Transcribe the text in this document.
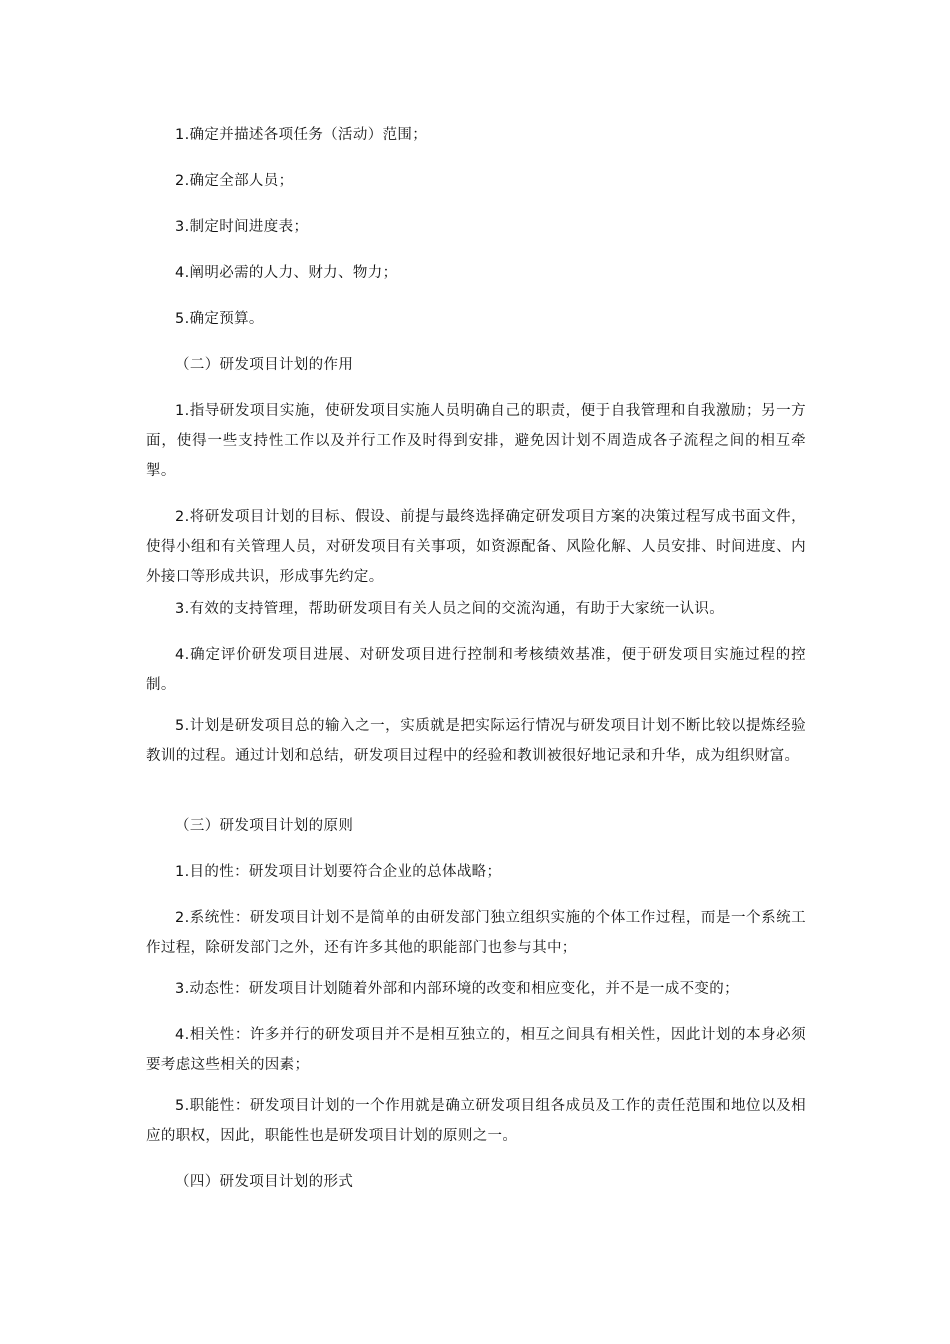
1.确定并描述各项任务（活动）范围；

2.确定全部人员；

3.制定时间进度表；

4.阐明必需的人力、财力、物力；

5.确定预算。

（二）研发项目计划的作用

1.指导研发项目实施，使研发项目实施人员明确自己的职责，便于自我管理和自我激励；另一方面，使得一些支持性工作以及并行工作及时得到安排，避免因计划不周造成各子流程之间的相互牵掣。

2.将研发项目计划的目标、假设、前提与最终选择确定研发项目方案的决策过程写成书面文件，使得小组和有关管理人员，对研发项目有关事项，如资源配备、风险化解、人员安排、时间进度、内外接口等形成共识，形成事先约定。

3.有效的支持管理，帮助研发项目有关人员之间的交流沟通，有助于大家统一认识。

4.确定评价研发项目进展、对研发项目进行控制和考核绩效基准，便于研发项目实施过程的控制。

5.计划是研发项目总的输入之一，实质就是把实际运行情况与研发项目计划不断比较以提炼经验教训的过程。通过计划和总结，研发项目过程中的经验和教训被很好地记录和升华，成为组织财富。

（三）研发项目计划的原则

1.目的性：研发项目计划要符合企业的总体战略；

2.系统性：研发项目计划不是简单的由研发部门独立组织实施的个体工作过程，而是一个系统工作过程，除研发部门之外，还有许多其他的职能部门也参与其中；

3.动态性：研发项目计划随着外部和内部环境的改变和相应变化，并不是一成不变的；

4.相关性：许多并行的研发项目并不是相互独立的，相互之间具有相关性，因此计划的本身必须要考虑这些相关的因素；

5.职能性：研发项目计划的一个作用就是确立研发项目组各成员及工作的责任范围和地位以及相应的职权，因此，职能性也是研发项目计划的原则之一。

（四）研发项目计划的形式
